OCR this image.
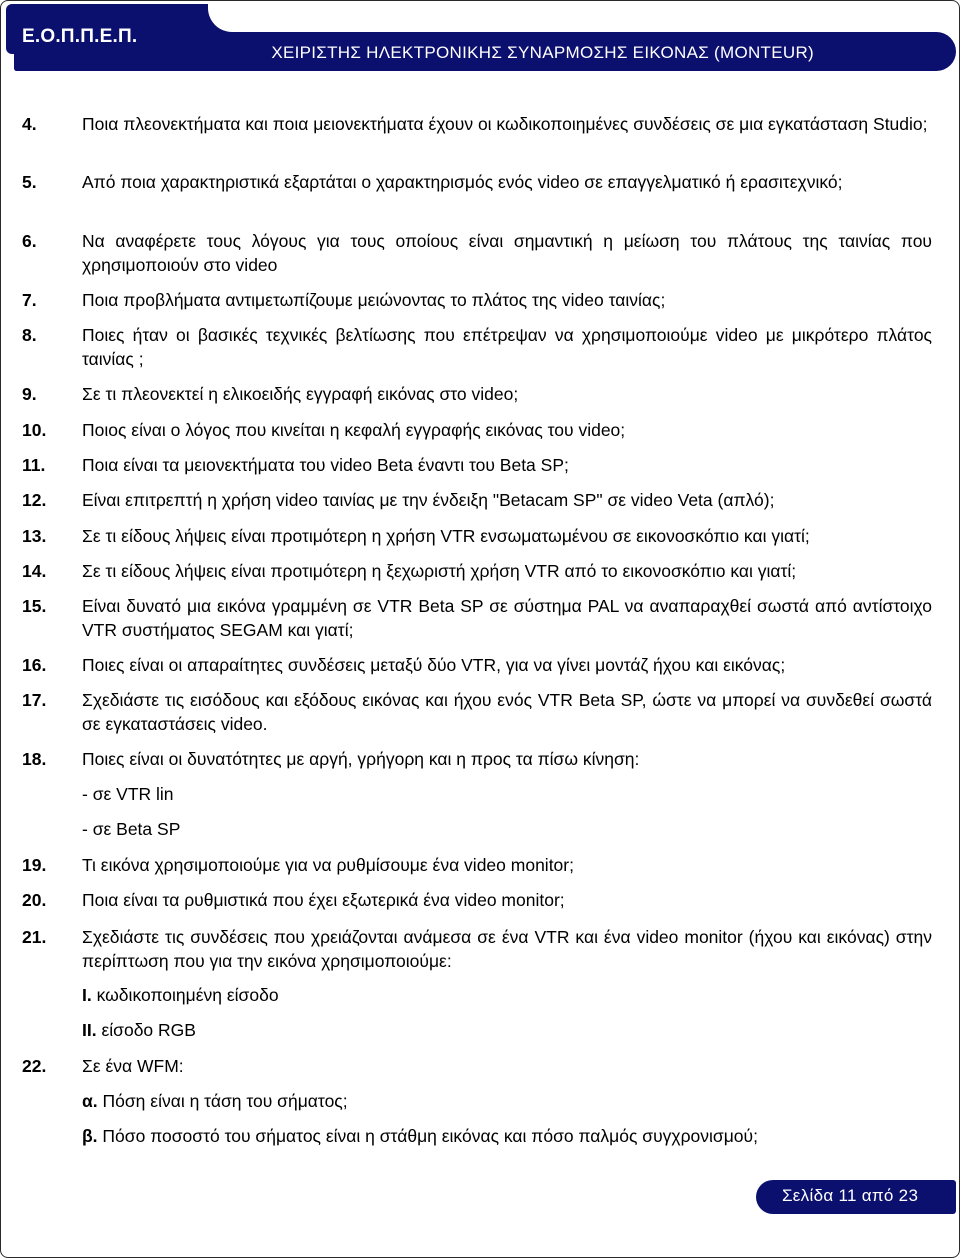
Ε.Ο.Π.Π.Ε.Π.
ΧΕΙΡΙΣΤΗΣ ΗΛΕΚΤΡΟΝΙΚΗΣ ΣΥΝΑΡΜΟΣΗΣ ΕΙΚΟΝΑΣ (MONTEUR)
4.	Ποια πλεονεκτήματα και ποια μειονεκτήματα έχουν οι κωδικοποιημένες συνδέσεις σε μια εγκατάσταση Studio;
5.	Από ποια χαρακτηριστικά εξαρτάται ο χαρακτηρισμός ενός video σε επαγγελματικό ή ερασιτεχνικό;
6.	Να αναφέρετε τους λόγους για τους οποίους είναι σημαντική η μείωση του πλάτους της ταινίας που χρησιμοποιούν στο video
7.	Ποια προβλήματα αντιμετωπίζουμε μειώνοντας το πλάτος της video ταινίας;
8.	Ποιες ήταν οι βασικές τεχνικές βελτίωσης που επέτρεψαν να χρησιμοποιούμε video με μικρότερο πλάτος ταινίας ;
9.	Σε τι πλεονεκτεί η ελικοειδής εγγραφή εικόνας στο video;
10. Ποιος είναι ο λόγος που κινείται η κεφαλή εγγραφής εικόνας του video;
11. Ποια είναι τα μειονεκτήματα του video Beta έναντι του Beta SP;
12. Είναι επιτρεπτή η χρήση video ταινίας με την ένδειξη "Betacam SP" σε video Veta (απλό);
13. Σε τι είδους λήψεις είναι προτιμότερη η χρήση VTR ενσωματωμένου σε εικονοσκόπιο και γιατί;
14. Σε τι είδους λήψεις είναι προτιμότερη η ξεχωριστή χρήση VTR από το εικονοσκόπιο και γιατί;
15. Είναι δυνατό μια εικόνα γραμμένη σε VTR Beta SP σε σύστημα PAL να αναπαραχθεί σωστά από αντίστοιχο VTR συστήματος SEGAM και γιατί;
16. Ποιες είναι οι απαραίτητες συνδέσεις μεταξύ δύο VTR, για να γίνει μοντάζ ήχου και εικόνας;
17. Σχεδιάστε τις εισόδους και εξόδους εικόνας και ήχου ενός VTR Beta SP, ώστε να μπορεί να συνδεθεί σωστά σε εγκαταστάσεις video.
18. Ποιες είναι οι δυνατότητες με αργή, γρήγορη και η προς τα πίσω κίνηση:
- σε VTR lin
- σε Beta SP
19. Τι εικόνα χρησιμοποιούμε για να ρυθμίσουμε ένα video monitor;
20. Ποια είναι τα ρυθμιστικά που έχει εξωτερικά ένα video monitor;
21. Σχεδιάστε τις συνδέσεις που χρειάζονται ανάμεσα σε ένα VTR και ένα video monitor (ήχου και εικόνας) στην περίπτωση που για την εικόνα χρησιμοποιούμε:
Ι. κωδικοποιημένη είσοδο
ΙΙ. είσοδο RGB
22. Σε ένα WFM:
α. Πόση είναι η τάση του σήματος;
β. Πόσο ποσοστό του σήματος είναι η στάθμη εικόνας και πόσο παλμός συγχρονισμού;
Σελίδα 11 από 23
